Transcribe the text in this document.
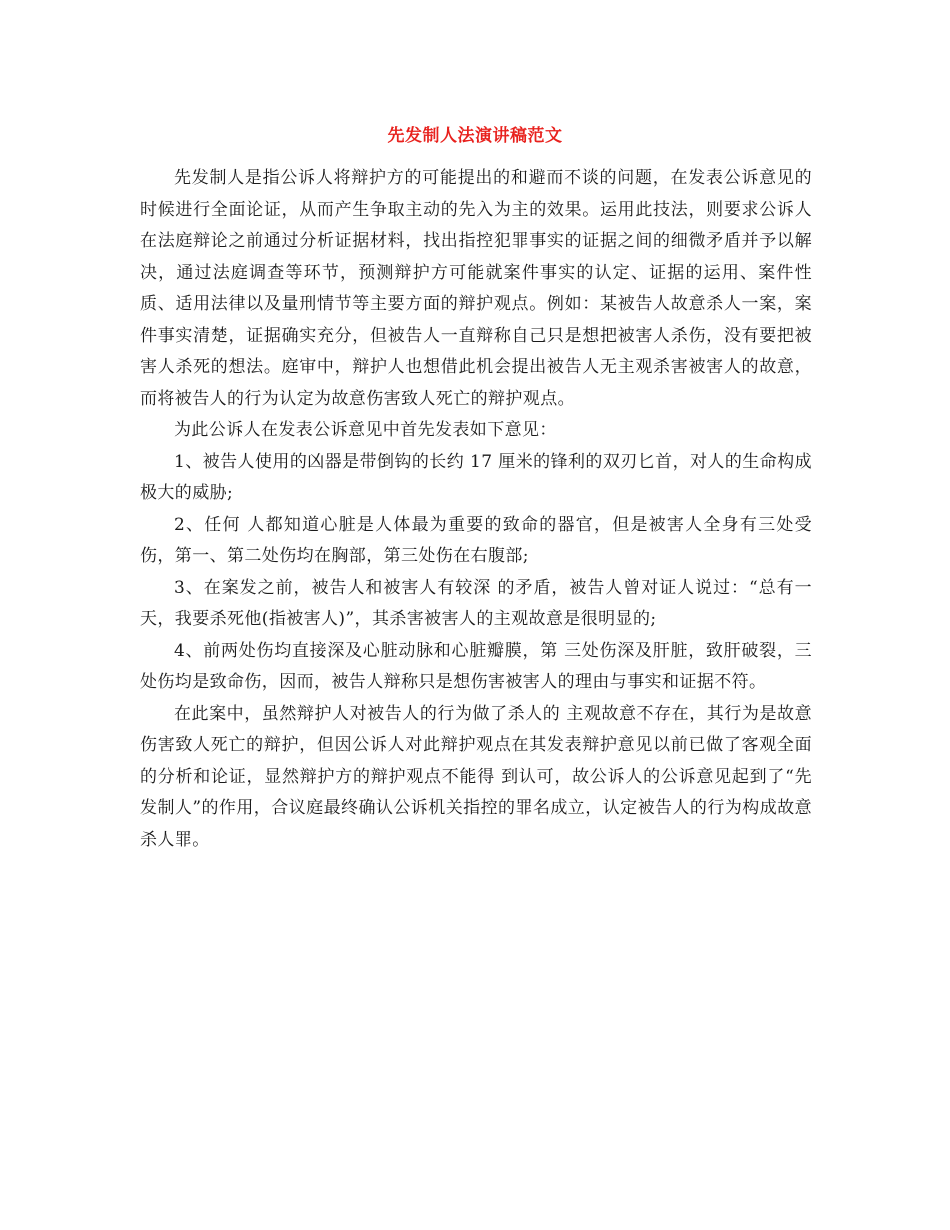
先发制人法演讲稿范文

先发制人是指公诉人将辩护方的可能提出的和避而不谈的问题，在发表公诉意见的时候进行全面论证，从而产生争取主动的先入为主的效果。运用此技法，则要求公诉人在法庭辩论之前通过分析证据材料，找出指控犯罪事实的证据之间的细微矛盾并予以解决，通过法庭调查等环节，预测辩护方可能就案件事实的认定、证据的运用、案件性质、适用法律以及量刑情节等主要方面的辩护观点。例如：某被告人故意杀人一案，案件事实清楚，证据确实充分，但被告人一直辩称自己只是想把被害人杀伤，没有要把被害人杀死的想法。庭审中，辩护人也想借此机会提出被告人无主观杀害被害人的故意，而将被告人的行为认定为故意伤害致人死亡的辩护观点。

为此公诉人在发表公诉意见中首先发表如下意见：

1、被告人使用的凶器是带倒钩的长约 17 厘米的锋利的双刃匕首，对人的生命构成极大的威胁;

2、任何 人都知道心脏是人体最为重要的致命的器官，但是被害人全身有三处受伤，第一、第二处伤均在胸部，第三处伤在右腹部;

3、在案发之前，被告人和被害人有较深 的矛盾，被告人曾对证人说过：“总有一天，我要杀死他(指被害人)”，其杀害被害人的主观故意是很明显的;

4、前两处伤均直接深及心脏动脉和心脏瓣膜，第 三处伤深及肝脏，致肝破裂，三处伤均是致命伤，因而，被告人辩称只是想伤害被害人的理由与事实和证据不符。

在此案中，虽然辩护人对被告人的行为做了杀人的 主观故意不存在，其行为是故意伤害致人死亡的辩护，但因公诉人对此辩护观点在其发表辩护意见以前已做了客观全面的分析和论证，显然辩护方的辩护观点不能得 到认可，故公诉人的公诉意见起到了“先发制人”的作用，合议庭最终确认公诉机关指控的罪名成立，认定被告人的行为构成故意杀人罪。
